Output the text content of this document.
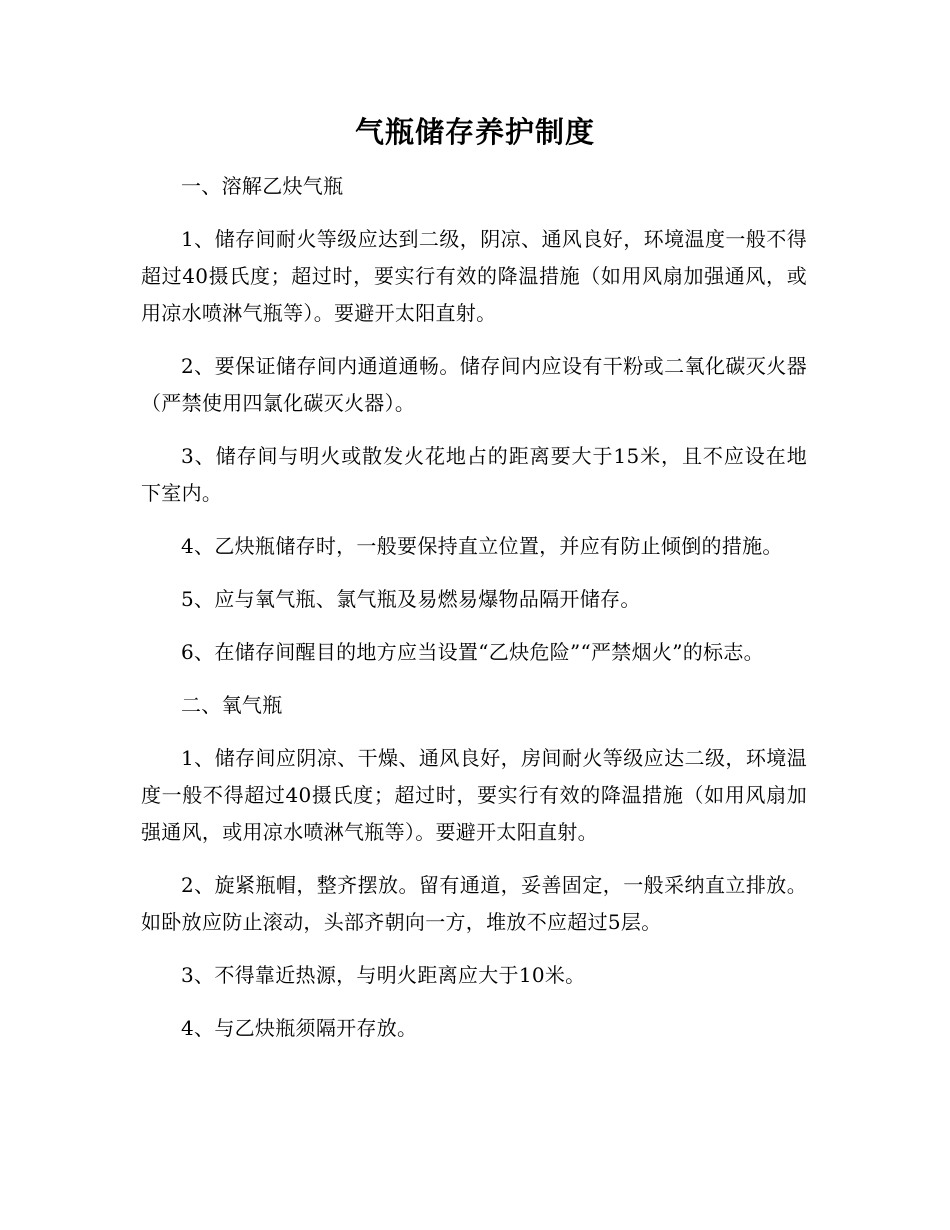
气瓶储存养护制度

一、溶解乙炔气瓶

1、储存间耐火等级应达到二级，阴凉、通风良好，环境温度一般不得超过40摄氏度；超过时，要实行有效的降温措施（如用风扇加强通风，或用凉水喷淋气瓶等）。要避开太阳直射。

2、要保证储存间内通道通畅。储存间内应设有干粉或二氧化碳灭火器（严禁使用四氯化碳灭火器）。

3、储存间与明火或散发火花地占的距离要大于15米，且不应设在地下室内。

4、乙炔瓶储存时，一般要保持直立位置，并应有防止倾倒的措施。

5、应与氧气瓶、氯气瓶及易燃易爆物品隔开储存。

6、在储存间醒目的地方应当设置“乙炔危险”“严禁烟火”的标志。

二、氧气瓶

1、储存间应阴凉、干燥、通风良好，房间耐火等级应达二级，环境温度一般不得超过40摄氏度；超过时，要实行有效的降温措施（如用风扇加强通风，或用凉水喷淋气瓶等）。要避开太阳直射。

2、旋紧瓶帽，整齐摆放。留有通道，妥善固定，一般采纳直立排放。如卧放应防止滚动，头部齐朝向一方，堆放不应超过5层。

3、不得靠近热源，与明火距离应大于10米。

4、与乙炔瓶须隔开存放。
